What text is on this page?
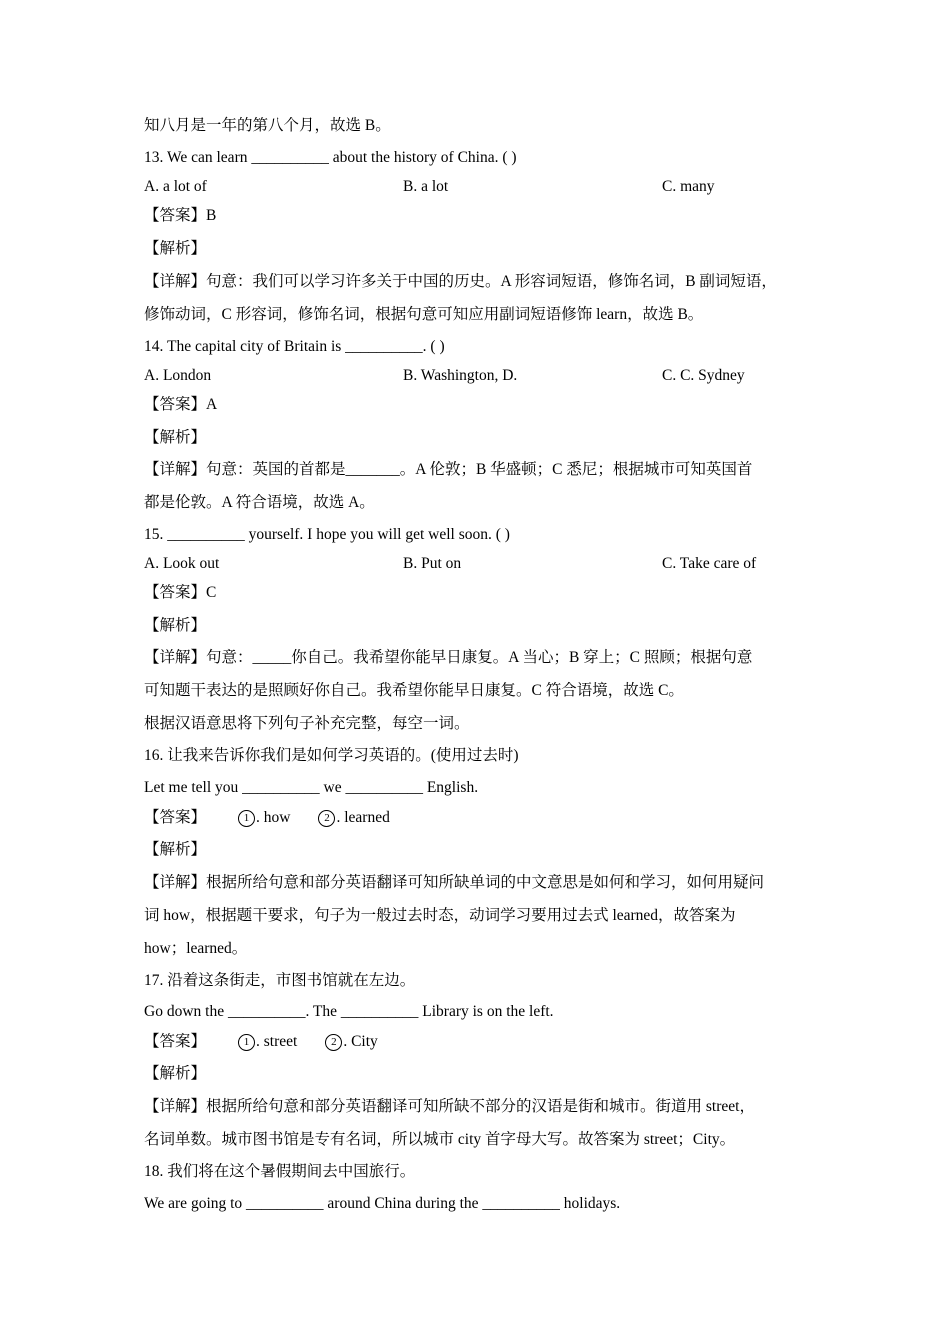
知八月是一年的第八个月，故选 B。
13. We can learn __________ about the history of China. ( )
A. a lot of	B. a lot	C. many
【答案】B
【解析】
【详解】句意：我们可以学习许多关于中国的历史。A 形容词短语，修饰名词，B 副词短语，
修饰动词，C 形容词，修饰名词，根据句意可知应用副词短语修饰 learn，故选 B。
14. The capital city of Britain is __________. ( )
A. London	B. Washington, D.	C. C. Sydney
【答案】A
【解析】
【详解】句意：英国的首都是_______。A 伦敦；B 华盛顿；C 悉尼；根据城市可知英国首
都是伦敦。A 符合语境，故选 A。
15. __________ yourself. I hope you will get well soon. ( )
A. Look out	B. Put on	C. Take care of
【答案】C
【解析】
【详解】句意：_____你自己。我希望你能早日康复。A 当心；B 穿上；C 照顾；根据句意
可知题干表达的是照顾好你自己。我希望你能早日康复。C 符合语境，故选 C。
根据汉语意思将下列句子补充完整，每空一词。
16. 让我来告诉你我们是如何学习英语的。(使用过去时)
Let me tell you __________ we __________ English.
【答案】	1 . how	2 . learned
【解析】
【详解】根据所给句意和部分英语翻译可知所缺单词的中文意思是如何和学习，如何用疑问
词 how，根据题干要求，句子为一般过去时态，动词学习要用过去式 learned，故答案为
how；learned。
17. 沿着这条街走，市图书馆就在左边。
Go down the __________. The __________ Library is on the left.
【答案】	1 . street	2 . City
【解析】
【详解】根据所给句意和部分英语翻译可知所缺不部分的汉语是街和城市。街道用 street，
名词单数。城市图书馆是专有名词，所以城市 city 首字母大写。故答案为 street；City。
18. 我们将在这个暑假期间去中国旅行。
We are going to __________ around China during the __________ holidays.
